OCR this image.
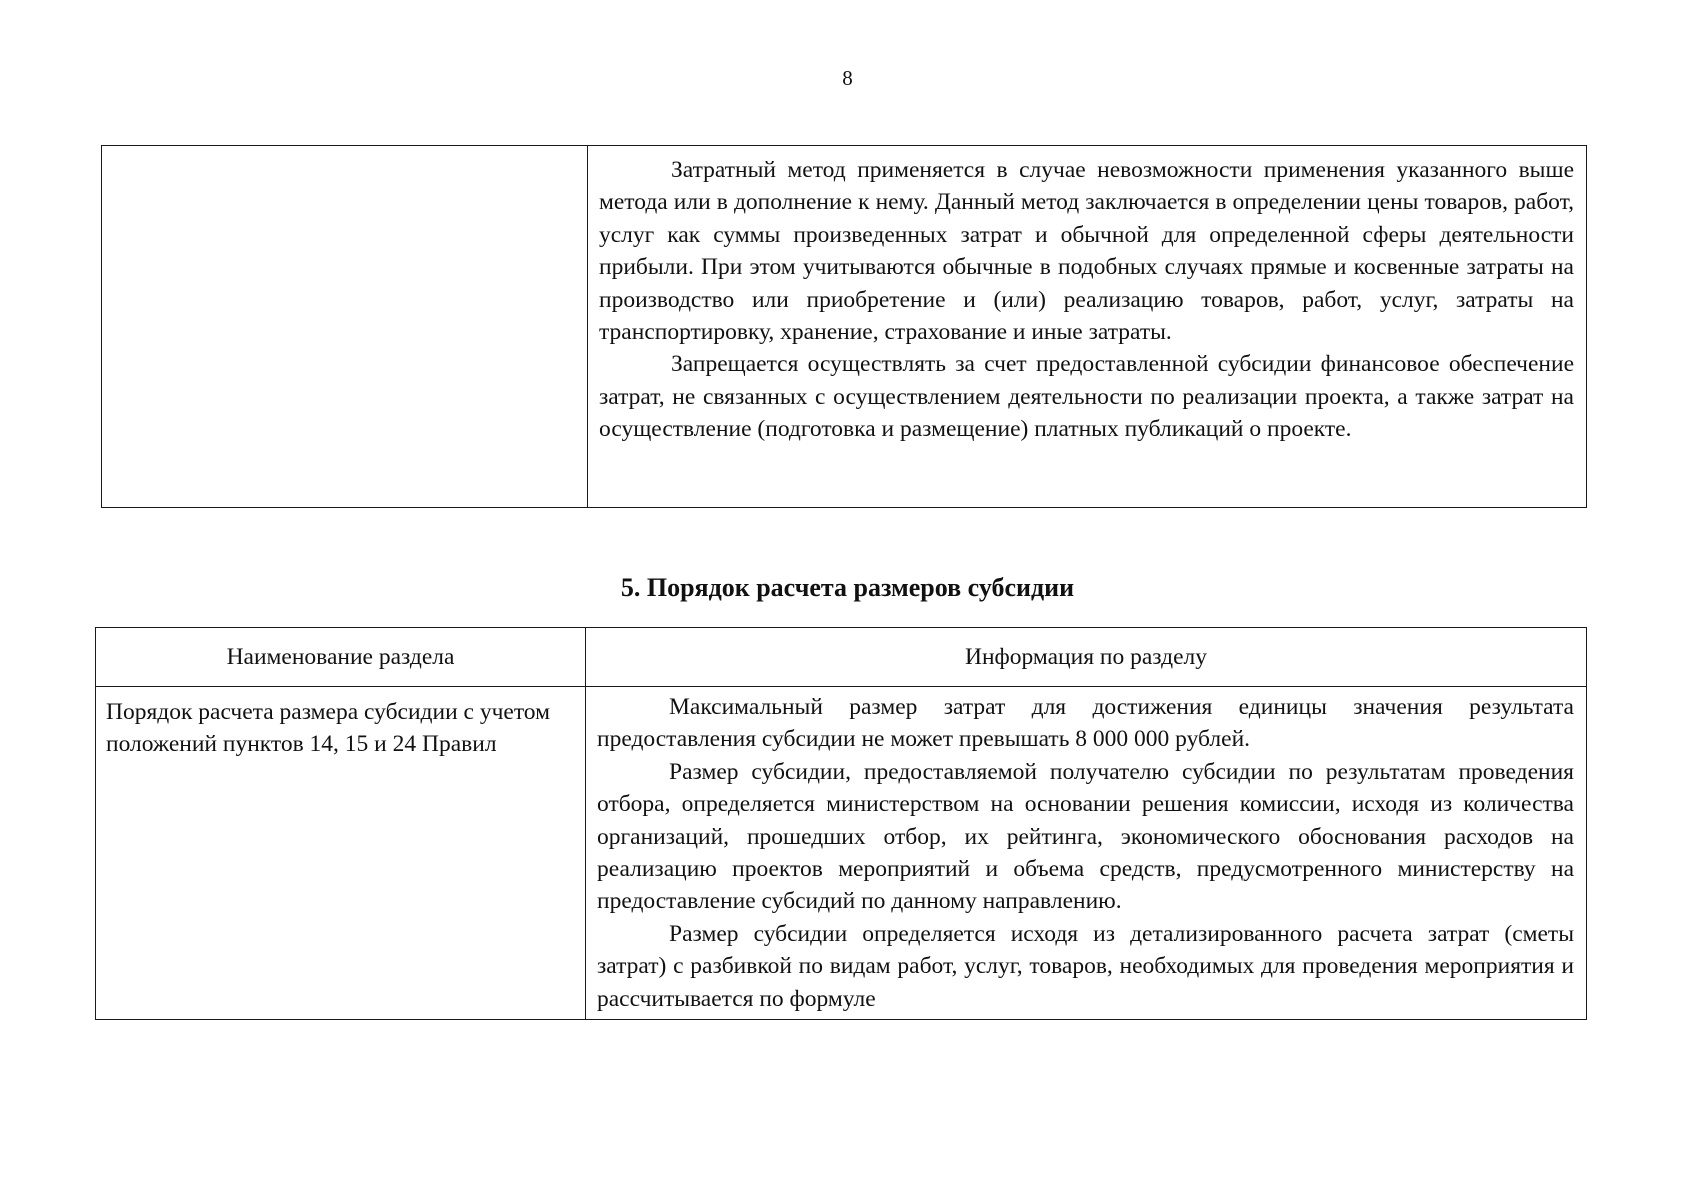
8

Затратный метод применяется в случае невозможности применения указанного выше метода или в дополнение к нему. Данный метод заключается в определении цены товаров, работ, услуг как суммы произведенных затрат и обычной для определенной сферы деятельности прибыли. При этом учитываются обычные в подобных случаях прямые и косвенные затраты на производство или приобретение и (или) реализацию товаров, работ, услуг, затраты на транспортировку, хранение, страхование и иные затраты.

Запрещается осуществлять за счет предоставленной субсидии финансовое обеспечение затрат, не связанных с осуществлением деятельности по реализации проекта, а также затрат на осуществление (подготовка и размещение) платных публикаций о проекте.

5. Порядок расчета размеров субсидии
Наименование раздела	Информация по разделу
Порядок расчета размера субсидии с учетом положений пунктов 14, 15 и 24 Правил	Максимальный размер затрат для достижения единицы значения результата предоставления субсидии не может превышать 8 000 000 рублей.

Размер субсидии, предоставляемой получателю субсидии по результатам проведения отбора, определяется министерством на основании решения комиссии, исходя из количества организаций, прошедших отбор, их рейтинга, экономического обоснования расходов на реализацию проектов мероприятий и объема средств, предусмотренного министерству на предоставление субсидий по данному направлению.

Размер субсидии определяется исходя из детализированного расчета затрат (сметы затрат) с разбивкой по видам работ, услуг, товаров, необходимых для проведения мероприятия и рассчитывается по формуле
